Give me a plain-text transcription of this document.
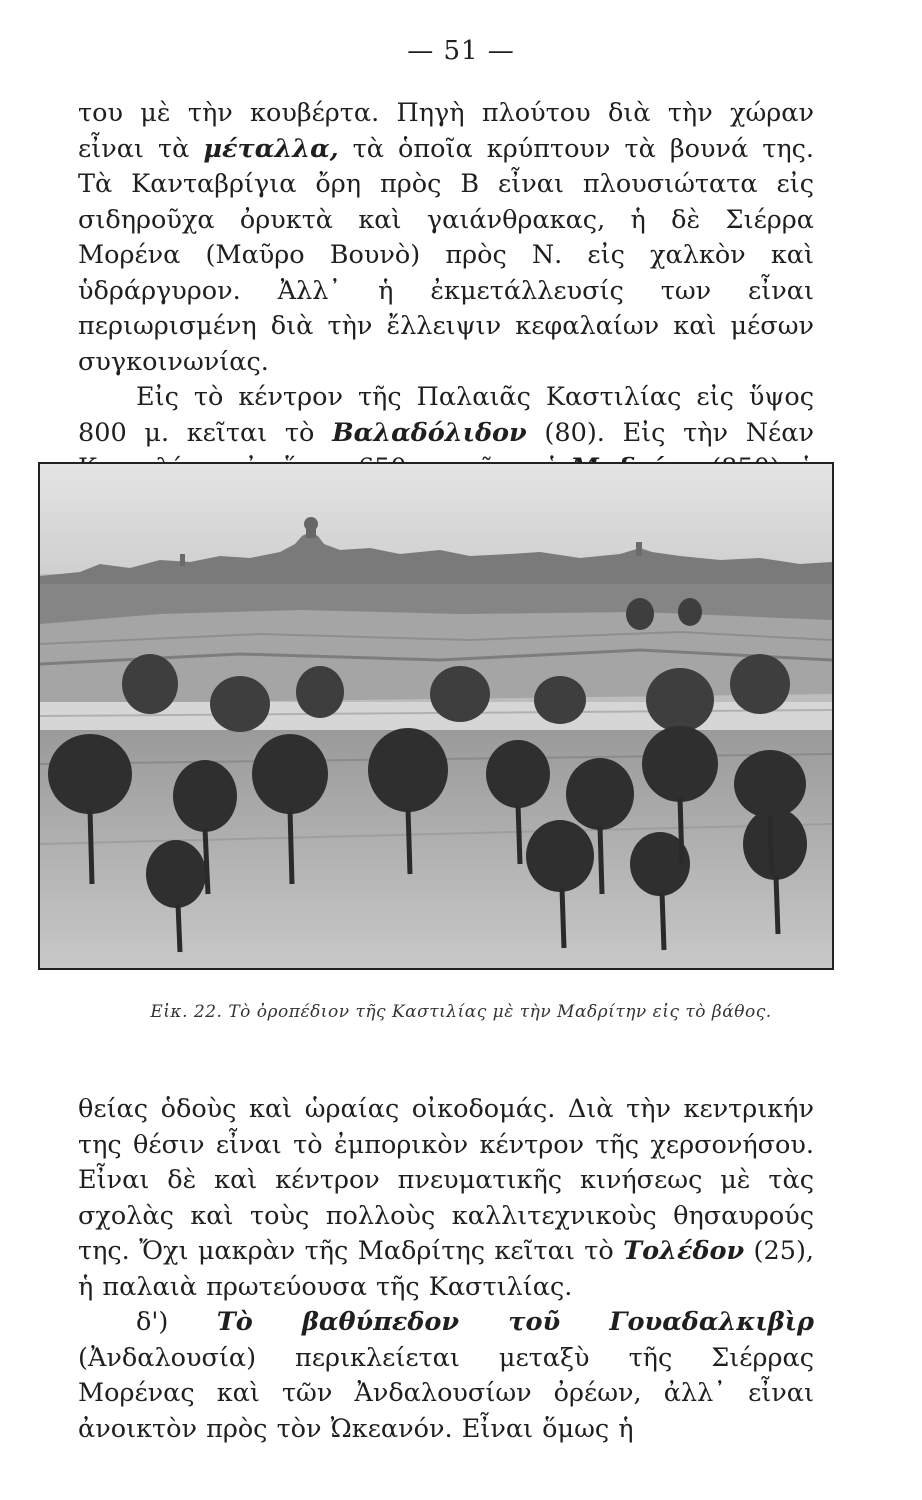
— 51 —

του μὲ τὴν κουβέρτα. Πηγὴ πλούτου διὰ τὴν χώραν εἶναι τὰ μέταλλα, τὰ ὁποῖα κρύπτουν τὰ βουνά της. Τὰ Κανταβρίγια ὄρη πρὸς Β εἶναι πλουσιώτατα εἰς σιδηροῦχα ὀρυκτὰ καὶ γαιάνθρακας, ἡ δὲ Σιέρρα Μορένα (Μαῦρο Βουνὸ) πρὸς Ν. εἰς χαλκὸν καὶ ὑδράργυρον. Ἀλλ᾽ ἡ ἐκμετάλλευσίς των εἶναι περιωρισμένη διὰ τὴν ἔλλειψιν κεφαλαίων καὶ μέσων συγκοινωνίας.

Εἰς τὸ κέντρον τῆς Παλαιᾶς Καστιλίας εἰς ὕψος 800 μ. κεῖται τὸ Βαλαδόλιδον (80). Εἰς τὴν Νέαν

Εἰκ. 22. Τὸ ὀροπέδιον τῆς Καστιλίας μὲ τὴν Μαδρίτην εἰς τὸ βάθος.

θείας ὁδοὺς καὶ ὡραίας οἰκοδομάς. Διὰ τὴν κεντρικήν της θέσιν εἶναι τὸ ἐμπορικὸν κέντρον τῆς χερσονήσου. Εἶναι δὲ καὶ κέντρον πνευματικῆς κινήσεως μὲ τὰς σχολὰς καὶ τοὺς πολλοὺς καλλιτεχνικοὺς θησαυρούς της. Ὄχι μακρὰν τῆς Μαδρίτης κεῖται τὸ Τολέδον (25), ἡ παλαιὰ πρωτεύουσα τῆς Καστιλίας.

δ') Τὸ βαθύπεδον τοῦ Γουαδαλκιβὶρ (Ἀνδαλουσία) περικλείεται μεταξὺ τῆς Σιέρρας Μορένας καὶ τῶν Ἀνδαλουσίων ὀρέων, ἀλλ᾽ εἶναι ἀνοικτὸν πρὸς τὸν Ὠκεανόν. Εἶναι ὅμως ἡ
